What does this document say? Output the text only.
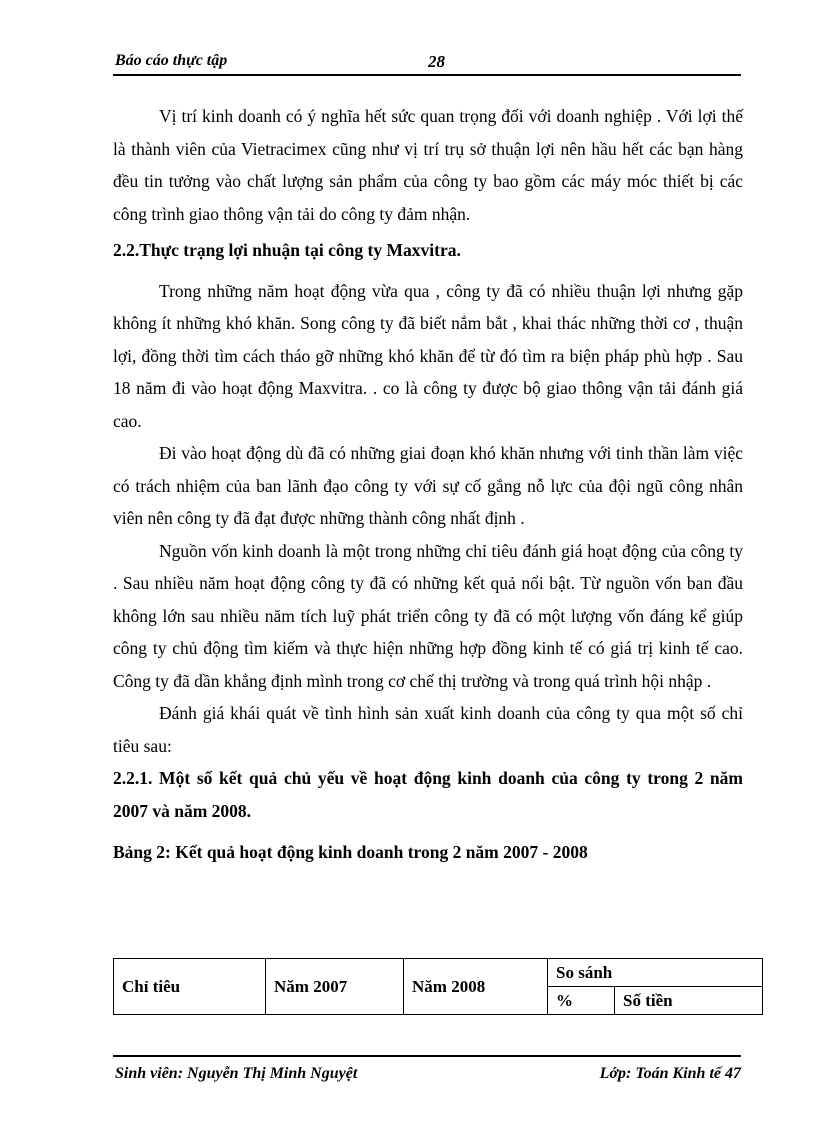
Báo cáo thực tập	28

Vị trí kinh doanh có ý nghĩa hết sức quan trọng đối với doanh nghiệp . Với lợi thế là thành viên của Vietracimex cũng như vị trí trụ sở thuận lợi nên hầu hết các bạn hàng đều tin tưởng vào chất lượng sản phẩm của công ty bao gồm các máy móc thiết bị các công trình giao thông vận tải do công ty đảm nhận.

2.2.Thực trạng lợi nhuận tại công ty Maxvitra.

Trong những năm hoạt động vừa qua , công ty đã có nhiều thuận lợi nhưng gặp không ít những khó khăn. Song công ty đã biết nắm bắt , khai thác những thời cơ , thuận lợi, đồng thời tìm cách tháo gỡ những khó khăn để từ đó tìm ra biện pháp phù hợp . Sau 18 năm đi vào hoạt động Maxvitra. . co là công ty được bộ giao thông vận tải đánh giá cao.

Đi vào hoạt động dù đã có những giai đoạn khó khăn nhưng với tinh thần làm việc có trách nhiệm của ban lãnh đạo công ty với sự cố gắng nỗ lực của đội ngũ công nhân viên nên công ty đã đạt được những thành công nhất định .

Nguồn vốn kinh doanh là một trong những chỉ tiêu đánh giá hoạt động của công ty . Sau nhiều năm hoạt động công ty đã có những kết quả nổi bật. Từ nguồn vốn ban đầu không lớn sau nhiều năm tích luỹ phát triển công ty đã có một lượng vốn đáng kể giúp công ty chủ động tìm kiếm và thực hiện những hợp đồng kinh tế có giá trị kinh tế cao. Công ty đã dần khẳng định mình trong cơ chế thị trường và trong quá trình hội nhập .

Đánh giá khái quát về tình hình sản xuất kinh doanh của công ty qua một số chỉ tiêu sau:

2.2.1. Một số kết quả chủ yếu về hoạt động kinh doanh của công ty trong 2 năm 2007 và năm 2008.

Bảng 2: Kết quả hoạt động kinh doanh trong 2 năm 2007 - 2008

Chỉ tiêu	Năm 2007	Năm 2008	So sánh	
			%	Số tiền
Sinh viên: Nguyễn Thị Minh Nguyệt	Lớp: Toán Kinh tế 47
